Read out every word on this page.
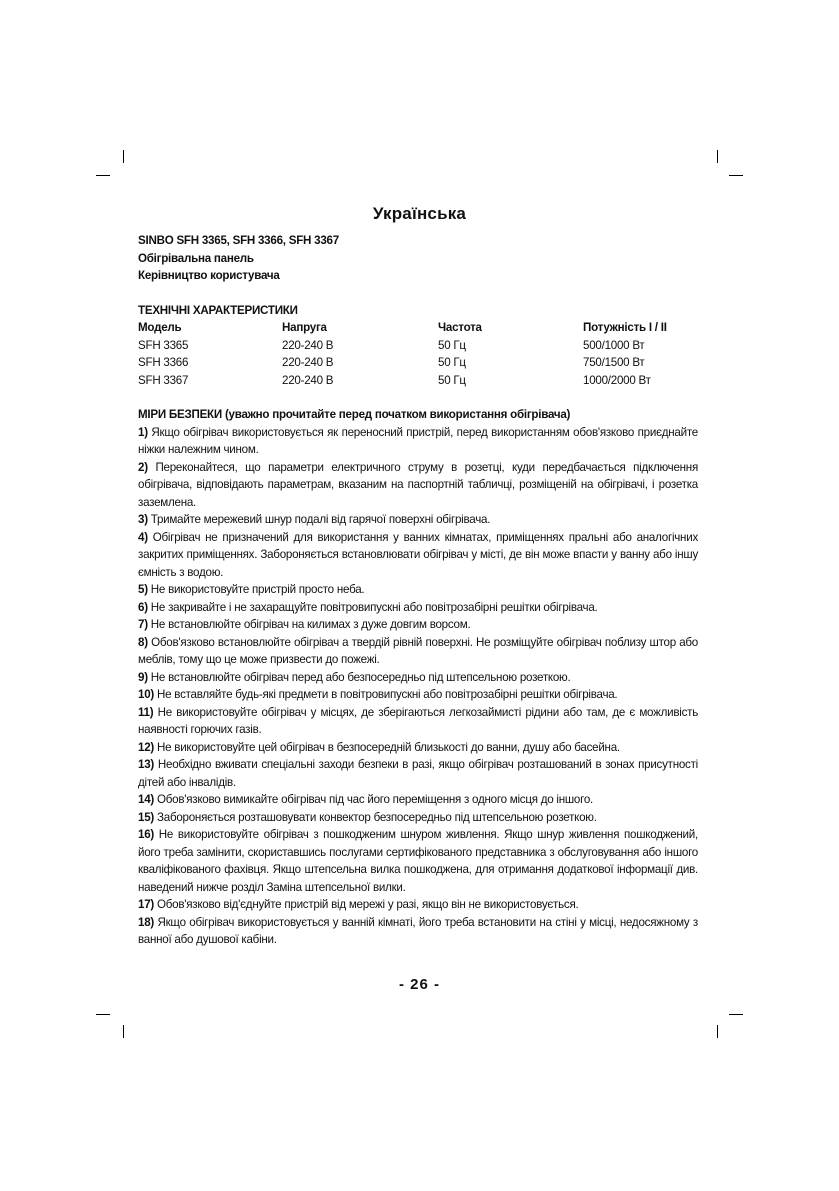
Українська

SINBO SFH 3365, SFH 3366, SFH 3367

Обігрівальна панель

Керівництво користувача

ТЕХНІЧНІ ХАРАКТЕРИСТИКИ

Модель	Напруга	Частота	Потужність I / II
SFH 3365	220-240 В	50 Гц	500/1000 Вт
SFH 3366	220-240 В	50 Гц	750/1500 Вт
SFH 3367	220-240 В	50 Гц	1000/2000 Вт

МІРИ БЕЗПЕКИ (уважно прочитайте перед початком використання обігрівача)

1) Якщо обігрівач використовується як переносний пристрій, перед використанням обов'язково приєднайте ніжки належним чином.

2) Переконайтеся, що параметри електричного струму в розетці, куди передбачається підключення обігрівача, відповідають параметрам, вказаним на паспортній табличці, розміщеній на обігрівачі, і розетка заземлена.

3) Тримайте мережевий шнур подалі від гарячої поверхні обігрівача.

4) Обігрівач не призначений для використання у ванних кімнатах, приміщеннях пральні або аналогічних закритих приміщеннях. Забороняється встановлювати обігрівач у місті, де він може впасти у ванну або іншу ємність з водою.

5) Не використовуйте пристрій просто неба.

6) Не закривайте і не захаращуйте повітровипускні або повітрозабірні решітки обігрівача.

7) Не встановлюйте обігрівач на килимах з дуже довгим ворсом.

8) Обов'язково встановлюйте обігрівач а твердій рівній поверхні. Не розміщуйте обігрівач поблизу штор або меблів, тому що це може призвести до пожежі.

9) Не встановлюйте обігрівач перед або безпосередньо під штепсельною розеткою.

10) Не вставляйте будь-які предмети в повітровипускні або повітрозабірні решітки обігрівача.

11) Не використовуйте обігрівач у місцях, де зберігаються легкозаймисті рідини або там, де є можливість наявності горючих газів.

12) Не використовуйте цей обігрівач в безпосередній близькості до ванни, душу або басейна.

13) Необхідно вживати спеціальні заходи безпеки в разі, якщо обігрівач розташований в зонах присутності дітей або інвалідів.

14) Обов'язково вимикайте обігрівач під час його переміщення з одного місця до іншого.

15) Забороняється розташовувати конвектор безпосередньо під штепсельною розеткою.

16) Не використовуйте обігрівач з пошкодженим шнуром живлення. Якщо шнур живлення пошкоджений, його треба замінити, скориставшись послугами сертифікованого представника з обслуговування або іншого кваліфікованого фахівця. Якщо штепсельна вилка пошкоджена, для отримання додаткової інформації див. наведений нижче розділ Заміна штепсельної вилки.

17) Обов'язково від'єднуйте пристрій від мережі у разі, якщо він не використовується.

18) Якщо обігрівач використовується у ванній кімнаті, його треба встановити на стіні у місці, недосяжному з ванної або душової кабіни.

- 26 -
